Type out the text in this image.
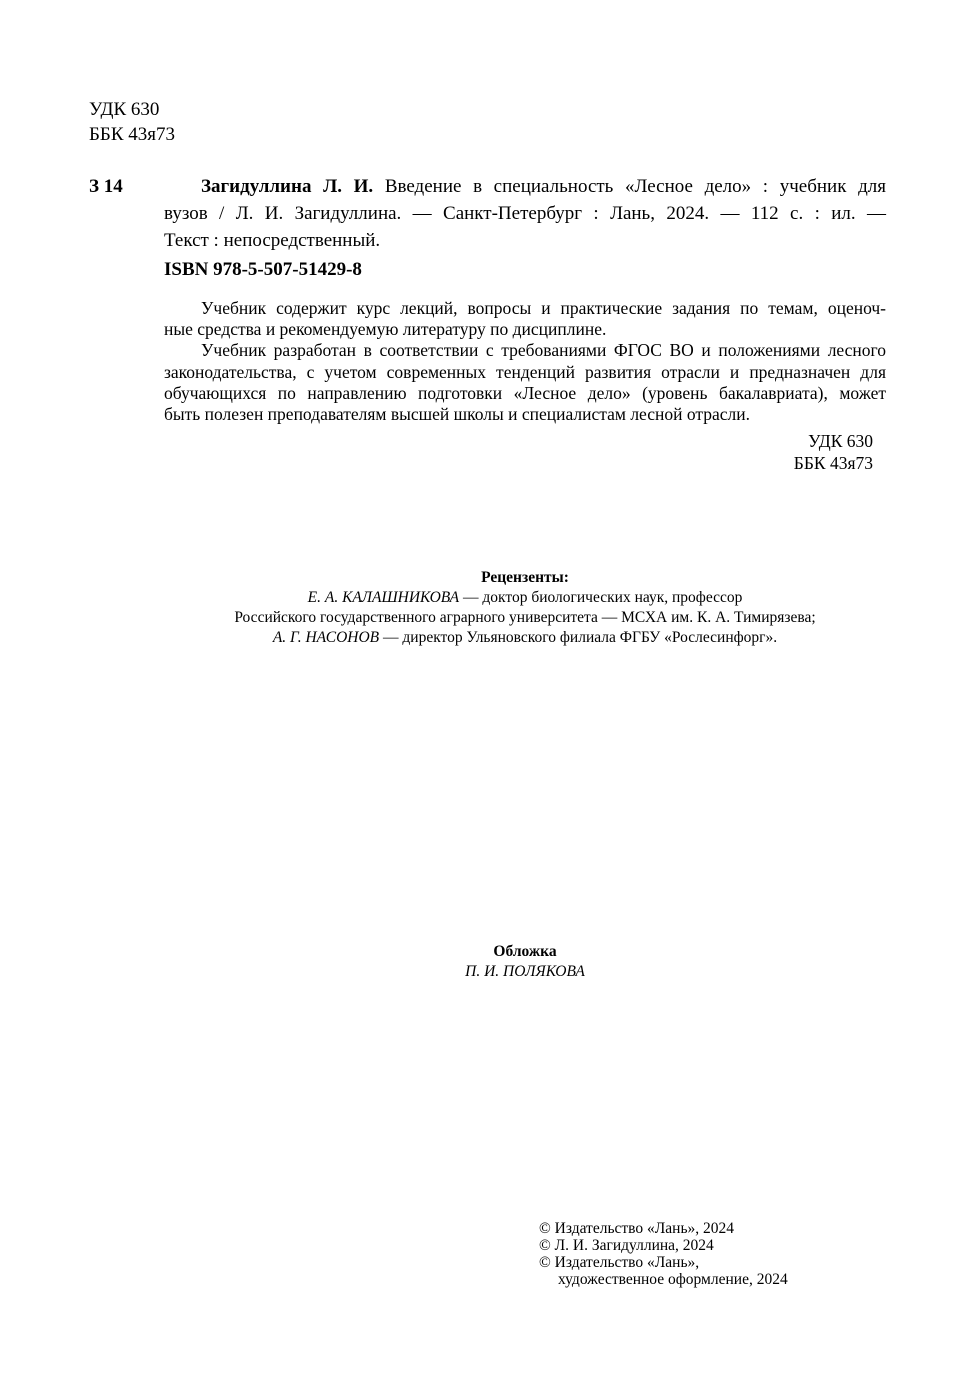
УДК 630
ББК 43я73
З 14	Загидуллина Л. И. Введение в специальность «Лесное дело» : учебник для
вузов / Л. И. Загидуллина. — Санкт-Петербург : Лань, 2024. — 112 с. : ил. —
Текст : непосредственный.
ISBN 978-5-507-51429-8
Учебник содержит курс лекций, вопросы и практические задания по темам, оценоч-
ные средства и рекомендуемую литературу по дисциплине.
Учебник разработан в соответствии с требованиями ФГОС ВО и положениями лесного
законодательства, с учетом современных тенденций развития отрасли и предназначен для
обучающихся по направлению подготовки «Лесное дело» (уровень бакалавриата), может
быть полезен преподавателям высшей школы и специалистам лесной отрасли.
УДК 630
ББК 43я73
Рецензенты:
Е. А. КАЛАШНИКОВА — доктор биологических наук, профессор
Российского государственного аграрного университета — МСХА им. К. А. Тимирязева;
А. Г. НАСОНОВ — директор Ульяновского филиала ФГБУ «Рослесинфорг».
Обложка
П. И. ПОЛЯКОВА
© Издательство «Лань», 2024
© Л. И. Загидуллина, 2024
© Издательство «Лань»,
художественное оформление, 2024
